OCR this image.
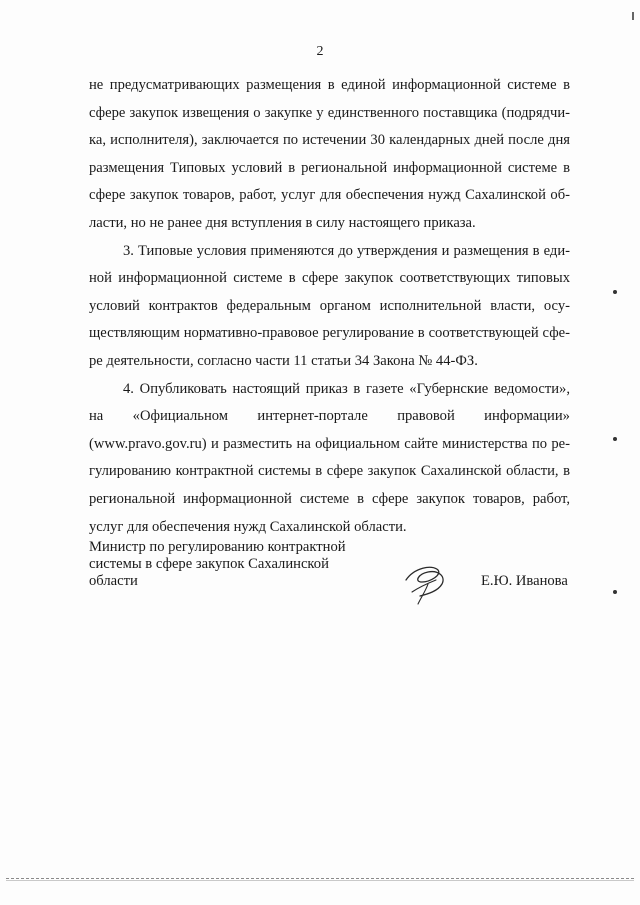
2

не предусматривающих размещения в единой информационной системе в
сфере закупок извещения о закупке у единственного поставщика (подрядчи-
ка, исполнителя), заключается по истечении 30 календарных дней после дня
размещения Типовых условий в региональной информационной системе в
сфере закупок товаров, работ, услуг для обеспечения нужд Сахалинской об-
ласти, но не ранее дня вступления в силу настоящего приказа.

3. Типовые условия применяются до утверждения и размещения в еди-
ной информационной системе в сфере закупок соответствующих типовых
условий контрактов федеральным органом исполнительной власти, осу-
ществляющим нормативно-правовое регулирование в соответствующей сфе-
ре деятельности, согласно части 11 статьи 34 Закона № 44-ФЗ.

4. Опубликовать настоящий приказ в газете «Губернские ведомости»,
на «Официальном интернет-портале правовой информации»
(www.pravo.gov.ru) и разместить на официальном сайте министерства по ре-
гулированию контрактной системы в сфере закупок Сахалинской области, в
региональной информационной системе в сфере закупок товаров, работ,
услуг для обеспечения нужд Сахалинской области.

Министр по регулированию контрактной
системы в сфере закупок Сахалинской
области	Е.Ю. Иванова
